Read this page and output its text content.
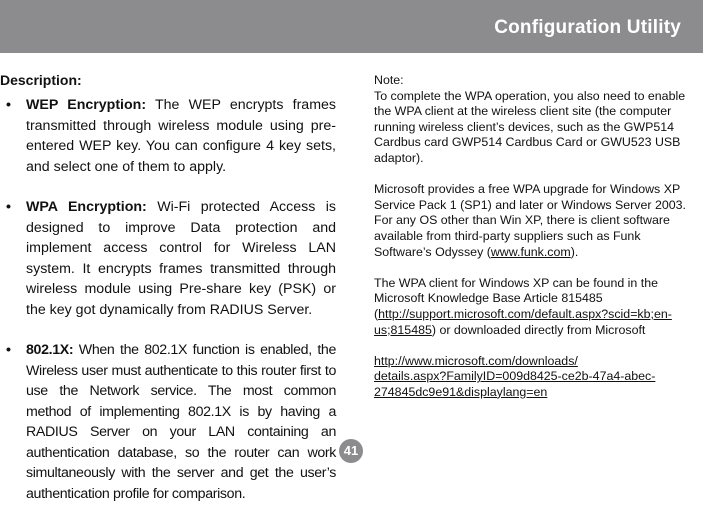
Configuration Utility
Description:
• WEP Encryption: The WEP encrypts frames transmitted through wireless module using pre-entered WEP key. You can configure 4 key sets, and select one of them to apply.
• WPA Encryption: Wi-Fi protected Access is designed to improve Data protection and implement access control for Wireless LAN system. It encrypts frames transmitted through wireless module using Pre-share key (PSK) or the key got dynamically from RADIUS Server.
• 802.1X: When the 802.1X function is enabled, the Wireless user must authenticate to this router first to use the Network service. The most common method of implementing 802.1X is by having a RADIUS Server on your LAN containing an authentication database, so the router can work simultaneously with the server and get the user’s authentication profile for comparison.

Note:
To complete the WPA operation, you also need to enable the WPA client at the wireless client site (the computer running wireless client’s devices, such as the GWP514 Cardbus card GWP514 Cardbus Card or GWU523 USB adaptor).

Microsoft provides a free WPA upgrade for Windows XP Service Pack 1 (SP1) and later or Windows Server 2003. For any OS other than Win XP, there is client software available from third-party suppliers such as Funk Software’s Odyssey (www.funk.com).

The WPA client for Windows XP can be found in the Microsoft Knowledge Base Article 815485 (http://support.microsoft.com/default.aspx?scid=kb;en-us;815485) or downloaded directly from Microsoft

http://www.microsoft.com/downloads/
details.aspx?FamilyID=009d8425-ce2b-47a4-abec-274845dc9e91&displaylang=en

41
